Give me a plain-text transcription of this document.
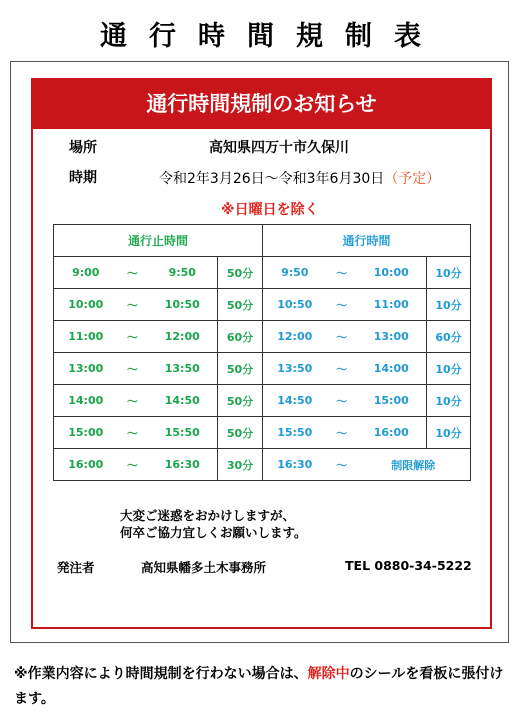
通行時間規制表
通行時間規制のお知らせ
場所	高知県四万十市久保川
時期	令和2年3月26日～令和3年6月30日（予定）
※日曜日を除く
通行止時間				通行時間			
9:00	～	9:50	50分	9:50	～	10:00	10分
10:00	～	10:50	50分	10:50	～	11:00	10分
11:00	～	12:00	60分	12:00	～	13:00	60分
13:00	～	13:50	50分	13:50	～	14:00	10分
14:00	～	14:50	50分	14:50	～	15:00	10分
15:00	～	15:50	50分	15:50	～	16:00	10分
16:00	～	16:30	30分	16:30	～	制限解除	
大変ご迷惑をおかけしますが、
何卒ご協力宜しくお願いします。
発注者	高知県幡多土木事務所	TEL 0880-34-5222
※作業内容により時間規制を行わない場合は、解除中のシールを看板に張付けます。
